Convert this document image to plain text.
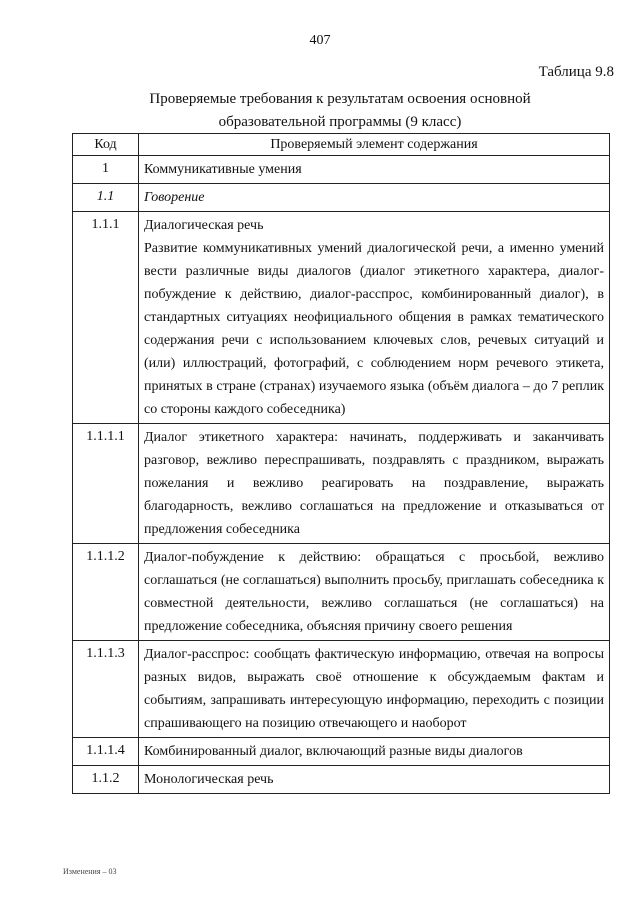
407
Таблица 9.8
Проверяемые требования к результатам освоения основной
образовательной программы (9 класс)
Код	Проверяемый элемент содержания
1	Коммуникативные умения

1.1	Говорение

1.1.1	Диалогическая речь
Развитие коммуникативных умений диалогической речи, а именно умений вести различные виды диалогов (диалог этикетного характера, диалог-побуждение к действию, диалог-расспрос, комбинированный диалог), в стандартных ситуациях неофициального общения в рамках тематического содержания речи с использованием ключевых слов, речевых ситуаций и (или) иллюстраций, фотографий, с соблюдением норм речевого этикета, принятых в стране (странах) изучаемого языка (объём диалога – до 7 реплик со стороны каждого собеседника)

1.1.1.1	Диалог этикетного характера: начинать, поддерживать и заканчивать разговор, вежливо переспрашивать, поздравлять с праздником, выражать пожелания и вежливо реагировать на поздравление, выражать благодарность, вежливо соглашаться на предложение и отказываться от предложения собеседника

1.1.1.2	Диалог-побуждение к действию: обращаться с просьбой, вежливо соглашаться (не соглашаться) выполнить просьбу, приглашать собеседника к совместной деятельности, вежливо соглашаться (не соглашаться) на предложение собеседника, объясняя причину своего решения

1.1.1.3	Диалог-расспрос: сообщать фактическую информацию, отвечая на вопросы разных видов, выражать своё отношение к обсуждаемым фактам и событиям, запрашивать интересующую информацию, переходить с позиции спрашивающего на позицию отвечающего и наоборот

1.1.1.4	Комбинированный диалог, включающий разные виды диалогов

1.1.2	Монологическая речь
Изменения – 03
